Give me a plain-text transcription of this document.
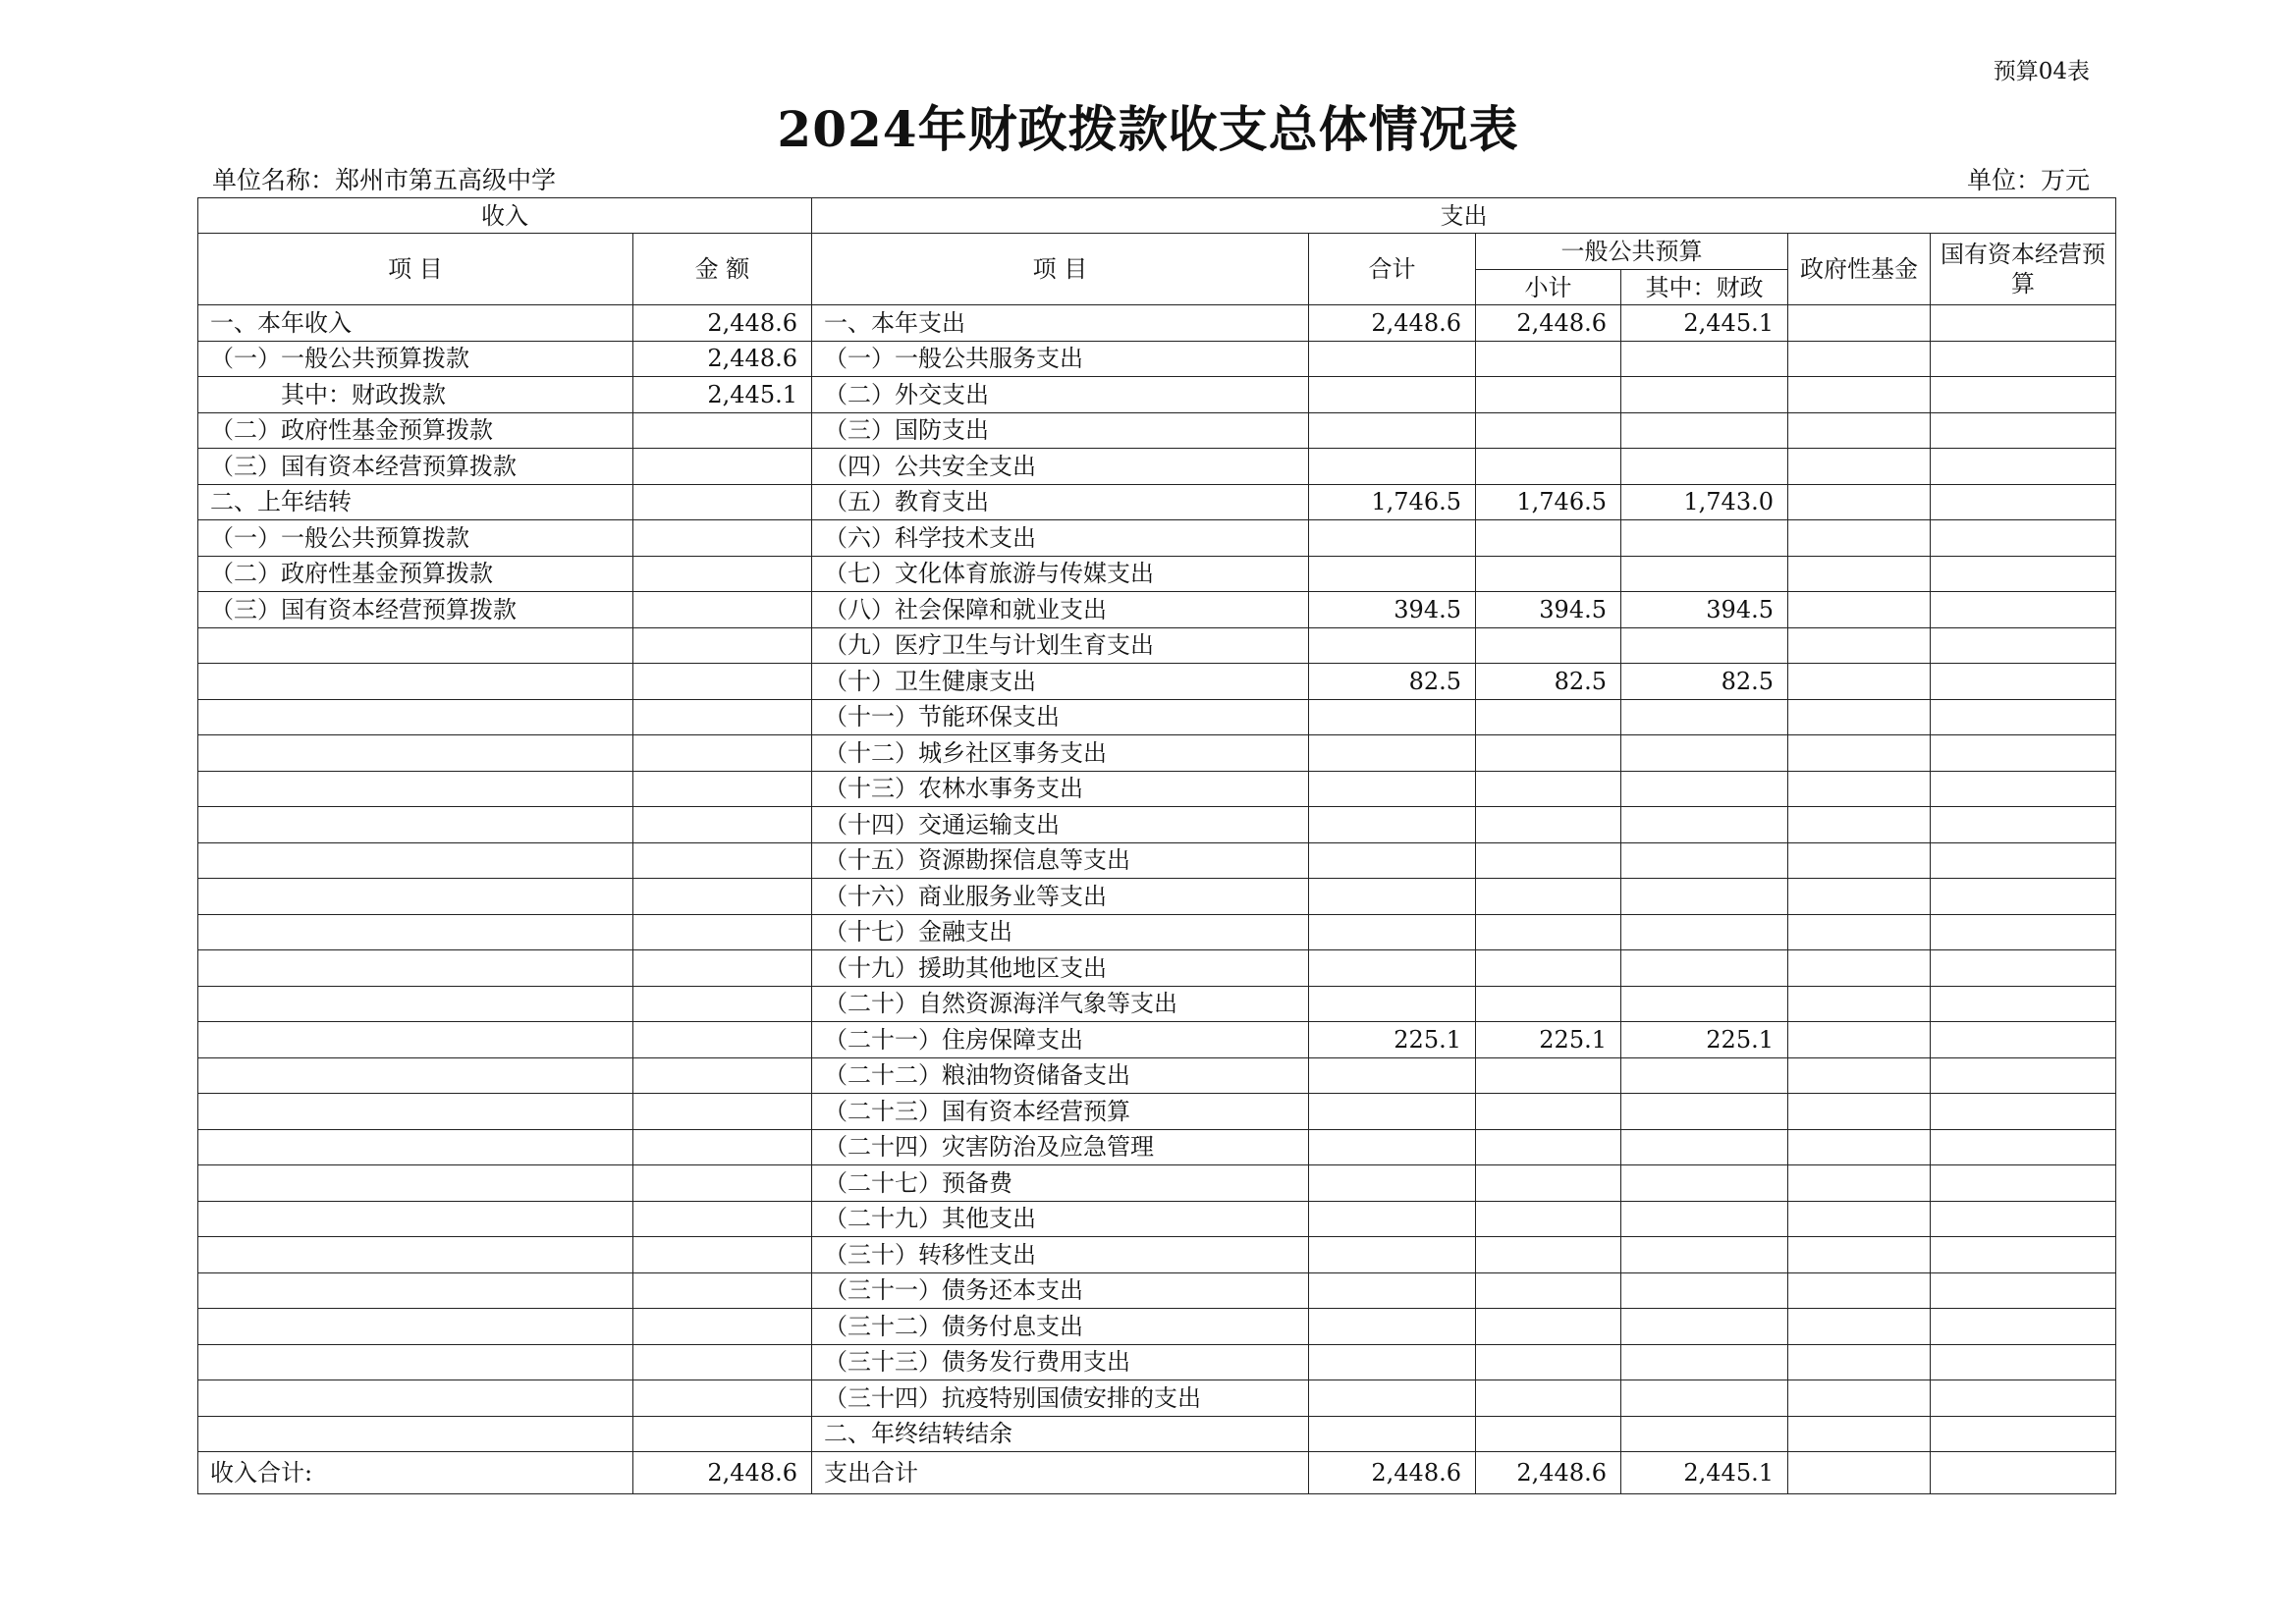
预算04表
2024年财政拨款收支总体情况表
单位名称：郑州市第五高级中学	单位：万元
收入		支出					
项 目	金 额	项 目	合计	一般公共预算		政府性基金	国有资本经营预算
				小计	其中：财政		
一、本年收入	2,448.6	一、本年支出	2,448.6	2,448.6	2,445.1		
（一）一般公共预算拨款	2,448.6	（一）一般公共服务支出					
其中：财政拨款	2,445.1	（二）外交支出					
（二）政府性基金预算拨款		（三）国防支出					
（三）国有资本经营预算拨款		（四）公共安全支出					
二、上年结转		（五）教育支出	1,746.5	1,746.5	1,743.0		
（一）一般公共预算拨款		（六）科学技术支出					
（二）政府性基金预算拨款		（七）文化体育旅游与传媒支出					
（三）国有资本经营预算拨款		（八）社会保障和就业支出	394.5	394.5	394.5		
		（九）医疗卫生与计划生育支出					
		（十）卫生健康支出	82.5	82.5	82.5		
		（十一）节能环保支出					
		（十二）城乡社区事务支出					
		（十三）农林水事务支出					
		（十四）交通运输支出					
		（十五）资源勘探信息等支出					
		（十六）商业服务业等支出					
		（十七）金融支出					
		（十九）援助其他地区支出					
		（二十）自然资源海洋气象等支出					
		（二十一）住房保障支出	225.1	225.1	225.1		
		（二十二）粮油物资储备支出					
		（二十三）国有资本经营预算					
		（二十四）灾害防治及应急管理					
		（二十七）预备费					
		（二十九）其他支出					
		（三十）转移性支出					
		（三十一）债务还本支出					
		（三十二）债务付息支出					
		（三十三）债务发行费用支出					
		（三十四）抗疫特别国债安排的支出					
		二、年终结转结余					
收入合计:	2,448.6	支出合计	2,448.6	2,448.6	2,445.1		
